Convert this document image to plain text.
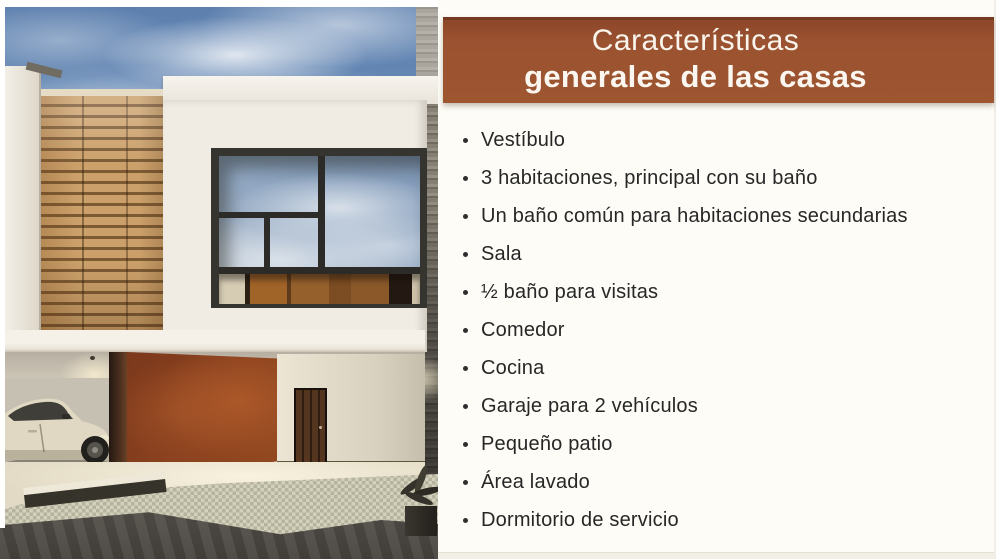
Características
generales de las casas
Vestíbulo
3 habitaciones, principal con su baño
Un baño común para habitaciones secundarias
Sala
½ baño para visitas
Comedor
Cocina
Garaje para 2 vehículos
Pequeño patio
Área lavado
Dormitorio de servicio
